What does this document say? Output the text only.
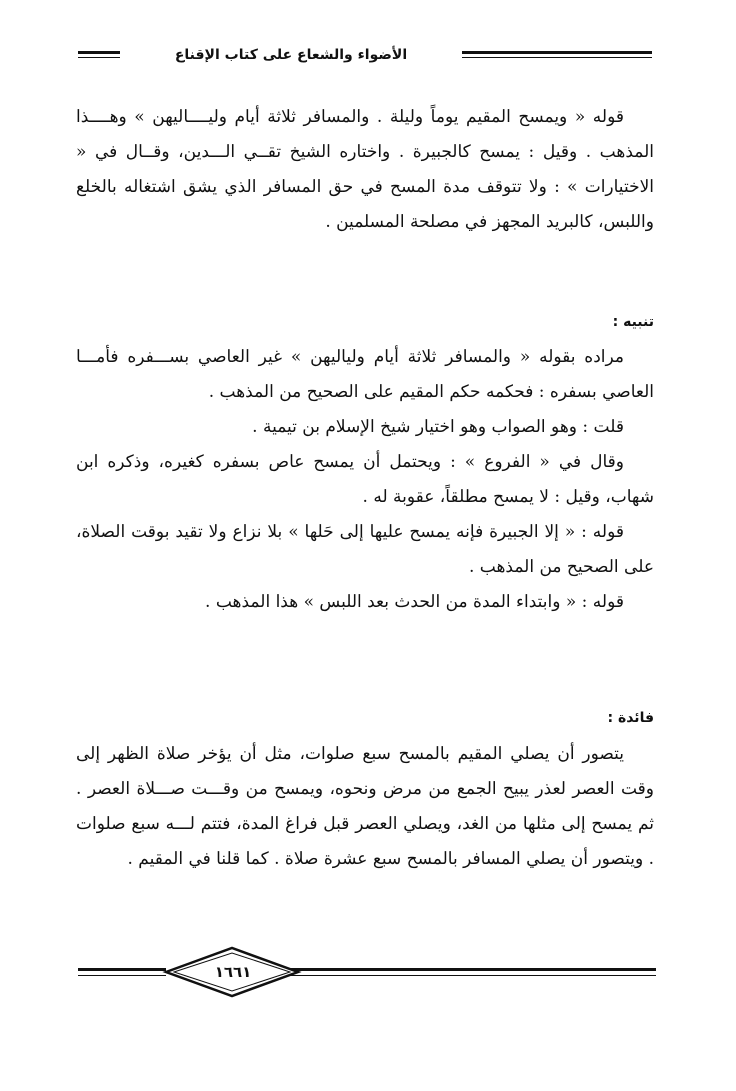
الأضواء والشعاع على كتاب الإقناع

قوله « ويمسح المقيم يوماً وليلة . والمسافر ثلاثة أيام وليــــاليهن » وهــــذا المذهب . وقيل : يمسح كالجبيرة . واختاره الشيخ تقــي الـــدين، وقــال في « الاختيارات » : ولا تتوقف مدة المسح في حق المسافر الذي يشق اشتغاله بالخلع واللبس، كالبريد المجهز في مصلحة المسلمين .

تنبيه :

مراده بقوله « والمسافر ثلاثة أيام ولياليهن » غير العاصي بســـفره فأمـــا العاصي بسفره : فحكمه حكم المقيم على الصحيح من المذهب .

قلت : وهو الصواب وهو اختيار شيخ الإسلام بن تيمية .

وقال في « الفروع » : ويحتمل أن يمسح عاص بسفره كغيره، وذكره ابن شهاب، وقيل : لا يمسح مطلقاً، عقوبة له .

قوله : « إلا الجبيرة فإنه يمسح عليها إلى حَلها » بلا نزاع ولا تقيد بوقت الصلاة، على الصحيح من المذهب .

قوله : « وابتداء المدة من الحدث بعد اللبس » هذا المذهب .

فائدة :

يتصور أن يصلي المقيم بالمسح سبع صلوات، مثل أن يؤخر صلاة الظهر إلى وقت العصر لعذر يبيح الجمع من مرض ونحوه، ويمسح من وقـــت صـــلاة العصر . ثم يمسح إلى مثلها من الغد، ويصلي العصر قبل فراغ المدة، فتتم لـــه سبع صلوات . ويتصور أن يصلي المسافر بالمسح سبع عشرة صلاة . كما قلنا في المقيم .

١٦٦١
